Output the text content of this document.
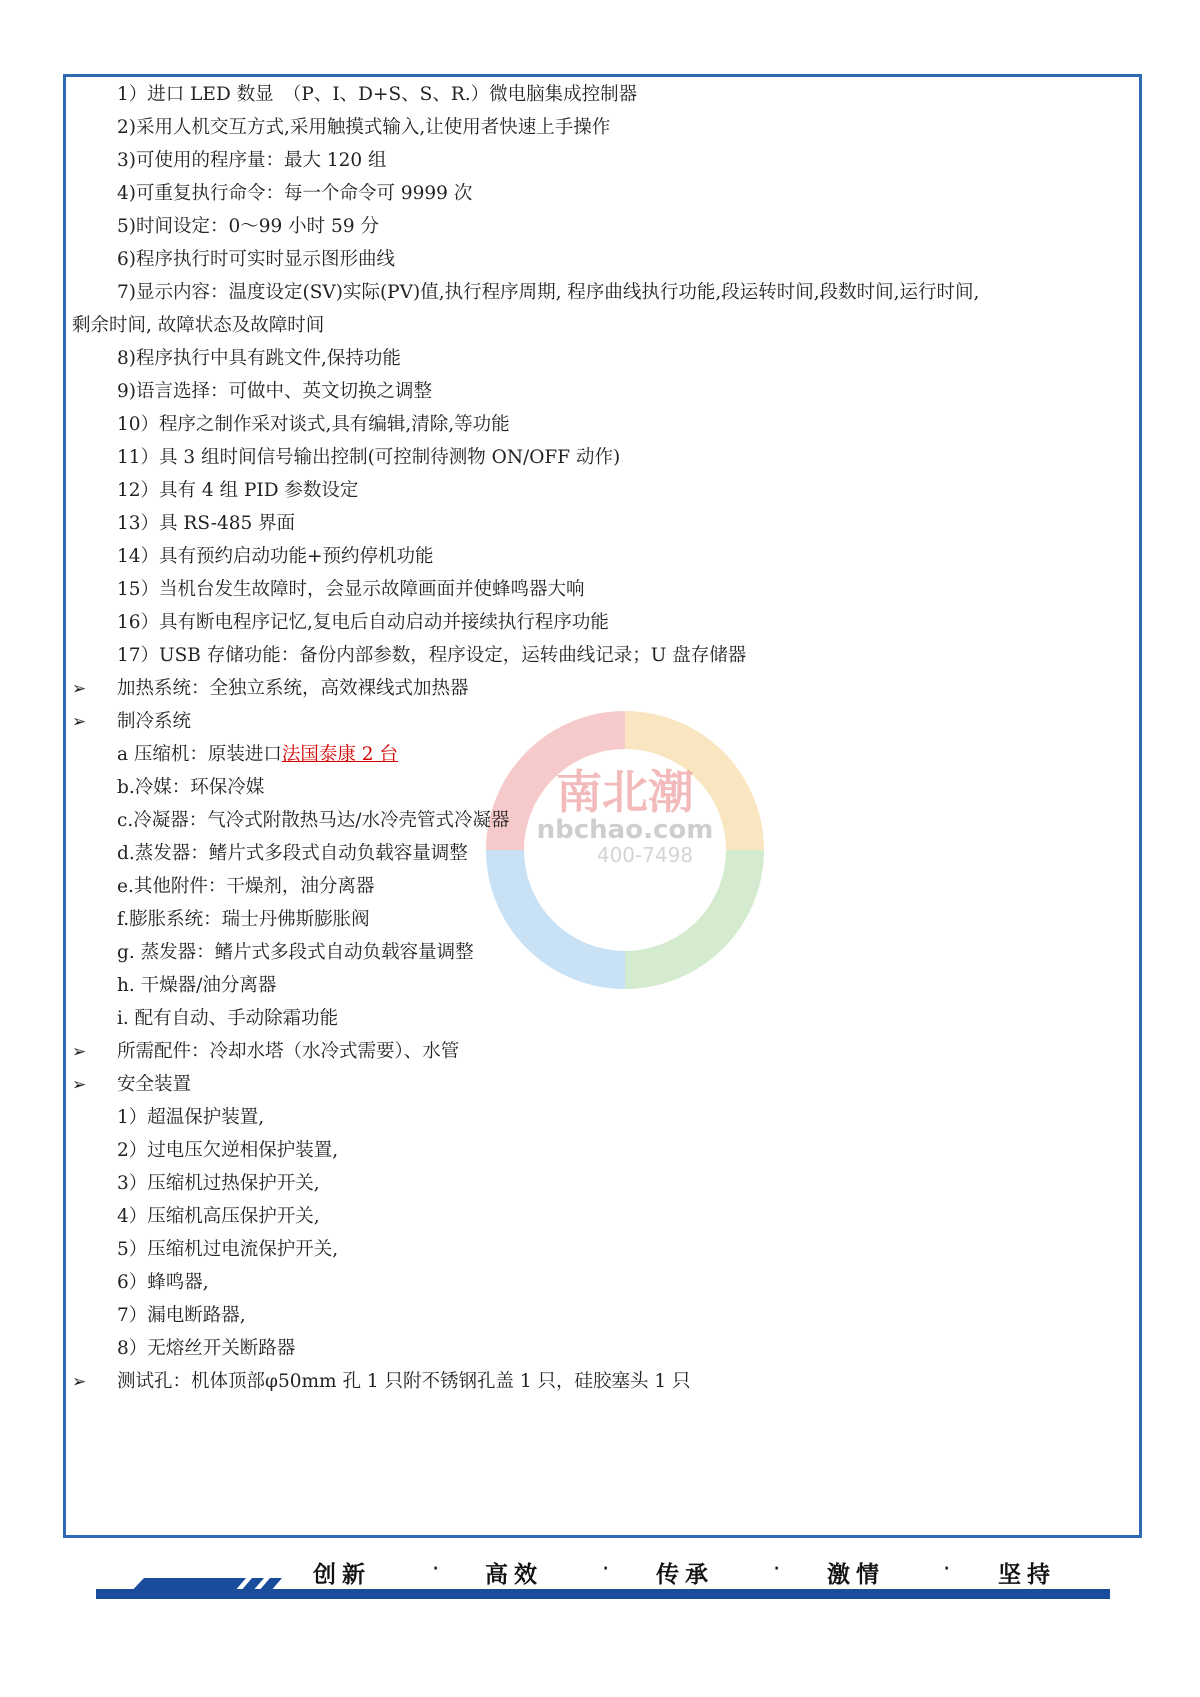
南北潮
nbchao.com
400-7498
1）进口 LED 数显　（P、I、D+S、S、R.）微电脑集成控制器
2)采用人机交互方式,采用触摸式输入,让使用者快速上手操作
3)可使用的程序量：最大 120 组
4)可重复执行命令：每一个命令可 9999 次
5)时间设定：0～99 小时 59 分
6)程序执行时可实时显示图形曲线
7)显示内容：温度设定(SV)实际(PV)值,执行程序周期, 程序曲线执行功能,段运转时间,段数时间,运行时间,
剩余时间, 故障状态及故障时间
8)程序执行中具有跳文件,保持功能
9)语言选择：可做中、英文切换之调整
10）程序之制作采对谈式,具有编辑,清除,等功能
11）具 3 组时间信号输出控制(可控制待测物 ON/OFF 动作)
12）具有 4 组 PID 参数设定
13）具 RS-485 界面
14）具有预约启动功能+预约停机功能
15）当机台发生故障时，会显示故障画面并使蜂鸣器大响
16）具有断电程序记忆,复电后自动启动并接续执行程序功能
17）USB 存储功能：备份内部参数，程序设定，运转曲线记录；U 盘存储器
➢ 加热系统：全独立系统，高效裸线式加热器
➢ 制冷系统
a 压缩机：原装进口法国泰康 2 台
b.冷媒：环保冷媒
c.冷凝器：气冷式附散热马达/水冷壳管式冷凝器
d.蒸发器：鳍片式多段式自动负载容量调整
e.其他附件：干燥剂，油分离器
f.膨胀系统：瑞士丹佛斯膨胀阀
g. 蒸发器：鳍片式多段式自动负载容量调整
h. 干燥器/油分离器
i. 配有自动、手动除霜功能
➢ 所需配件：冷却水塔（水冷式需要）、水管
➢ 安全装置
1）超温保护装置,
2）过电压欠逆相保护装置,
3）压缩机过热保护开关,
4）压缩机高压保护开关,
5）压缩机过电流保护开关,
6）蜂鸣器,
7）漏电断路器,
8）无熔丝开关断路器
➢ 测试孔：机体顶部φ50mm 孔 1 只附不锈钢孔盖 1 只，硅胶塞头 1 只
创新	· 高效	· 传承	· 激情	· 坚持
